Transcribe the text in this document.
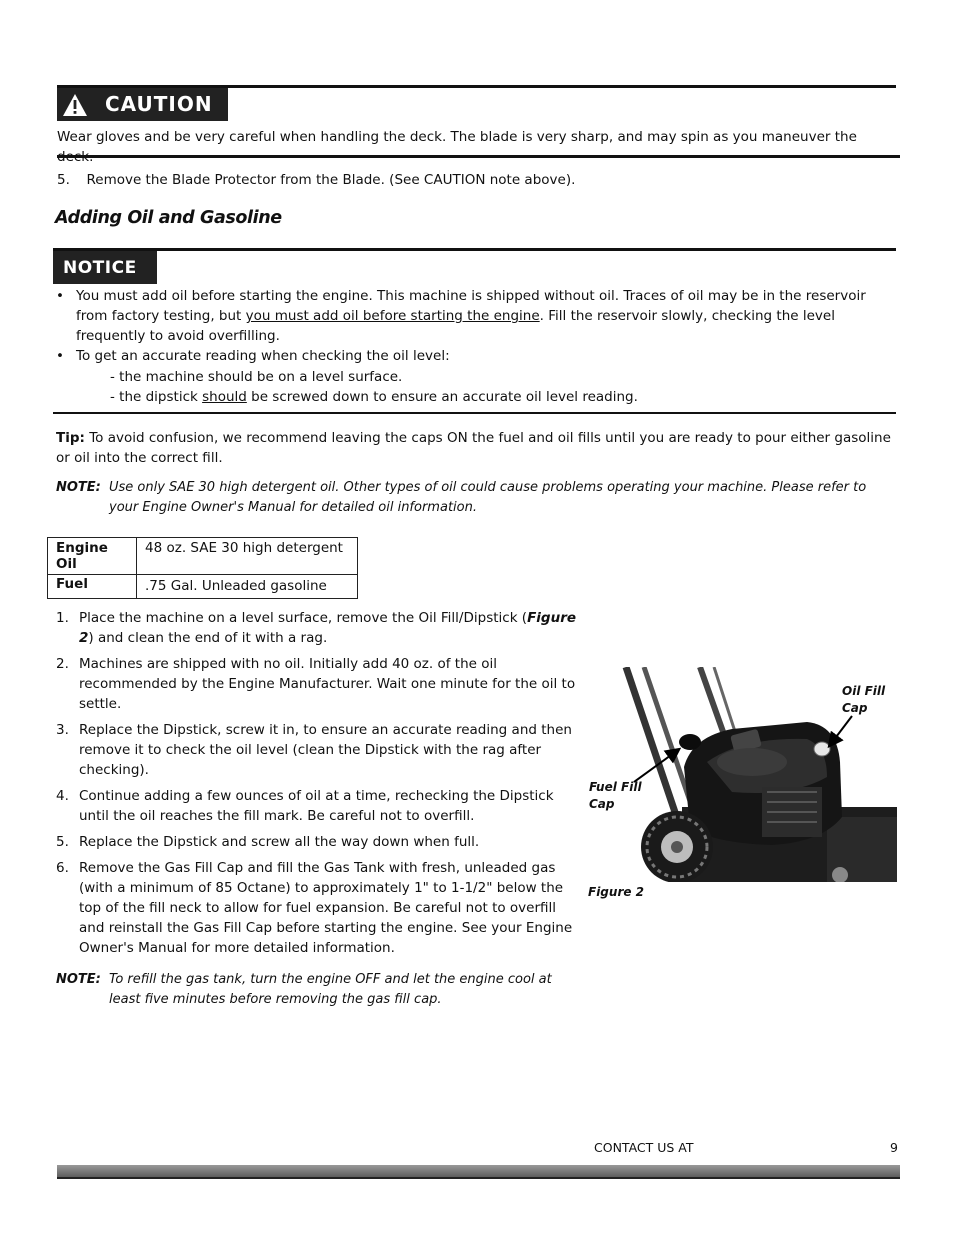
CAUTION
Wear gloves and be very careful when handling the deck. The blade is very sharp, and may spin as you maneuver the
5. Remove the Blade Protector from the Blade. (See CAUTION note above).
Adding Oil and Gasoline
NOTICE
• You must add oil before starting the engine. This machine is shipped without oil. Traces of oil may be in the reservoir from factory testing, but you must add oil before starting the engine. Fill the reservoir slowly, checking the level frequently to avoid overfilling.
• To get an accurate reading when checking the oil level:
- the machine should be on a level surface.
- the dipstick should be screwed down to ensure an accurate oil level reading.
Tip: To avoid confusion, we recommend leaving the caps ON the fuel and oil fills until you are ready to pour either gasoline or oil into the correct fill.
NOTE: Use only SAE 30 high detergent oil. Other types of oil could cause problems operating your machine. Please refer to your Engine Owner's Manual for detailed oil information.
Engine Oil	48 oz. SAE 30 high detergent
Fuel	.75 Gal. Unleaded gasoline
1. Place the machine on a level surface, remove the Oil Fill/Dipstick (Figure 2) and clean the end of it with a rag.
2. Machines are shipped with no oil. Initially add 40 oz. of the oil recommended by the Engine Manufacturer. Wait one minute for the oil to settle.
3. Replace the Dipstick, screw it in, to ensure an accurate reading and then remove it to check the oil level (clean the Dipstick with the rag after checking).
4. Continue adding a few ounces of oil at a time, rechecking the Dipstick until the oil reaches the fill mark. Be careful not to overfill.
5. Replace the Dipstick and screw all the way down when full.
6. Remove the Gas Fill Cap and fill the Gas Tank with fresh, unleaded gas (with a minimum of 85 Octane) to approximately 1" to 1-1/2" below the top of the fill neck to allow for fuel expansion. Be careful not to overfill and reinstall the Gas Fill Cap before starting the engine. See your Engine Owner's Manual for more detailed information.
NOTE: To refill the gas tank, turn the engine OFF and let the engine cool at least five minutes before removing the gas fill cap.
Oil Fill
Cap
Fuel Fill
Cap
Figure 2
CONTACT US AT	9
